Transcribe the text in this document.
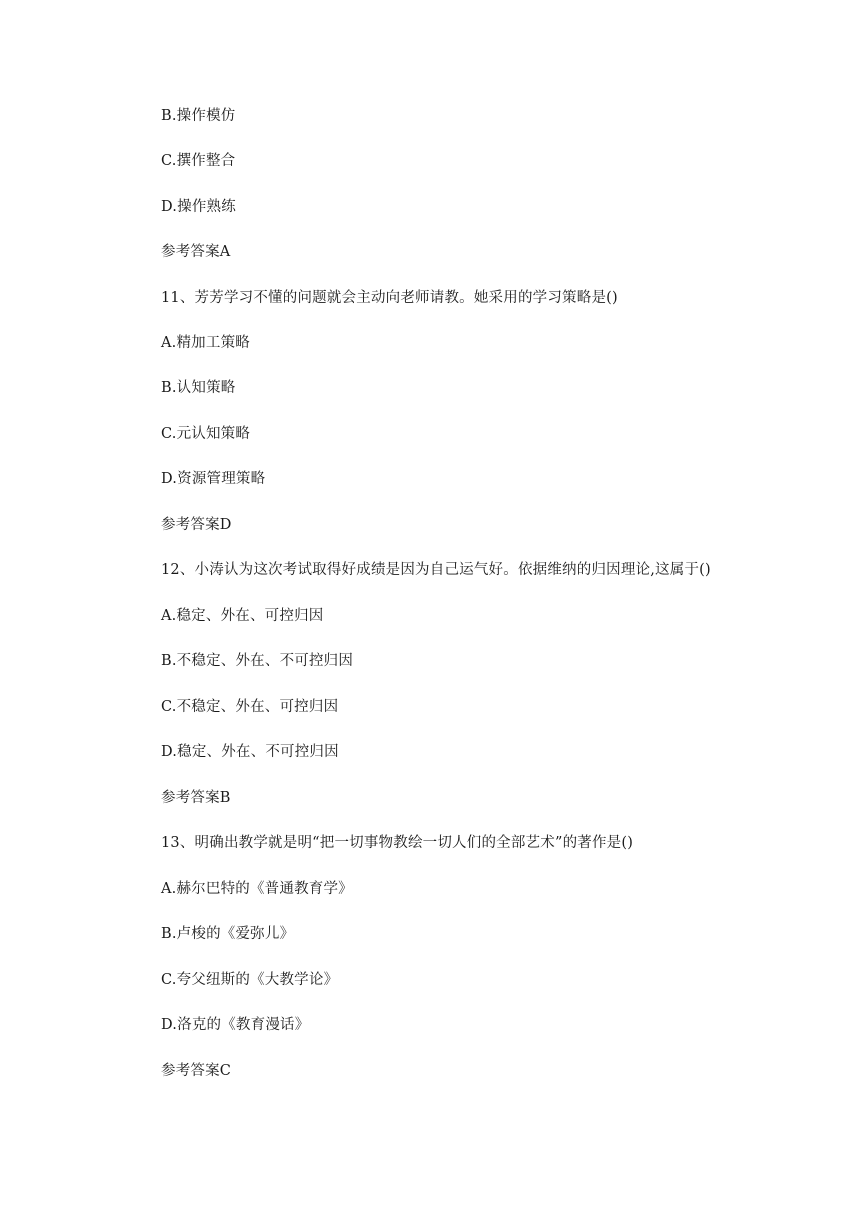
B.操作模仿
C.撰作整合
D.操作熟练
参考答案A
11、芳芳学习不懂的问题就会主动向老师请教。她采用的学习策略是()
A.精加工策略
B.认知策略
C.元认知策略
D.资源管理策略
参考答案D
12、小涛认为这次考试取得好成绩是因为自己运气好。依据维纳的归因理论,这属于()
A.稳定、外在、可控归因
B.不稳定、外在、不可控归因
C.不稳定、外在、可控归因
D.稳定、外在、不可控归因
参考答案B
13、明确出教学就是明“把一切事物教绘一切人们的全部艺术”的著作是()
A.赫尔巴特的《普通教育学》
B.卢梭的《爱弥儿》
C.夸父纽斯的《大教学论》
D.洛克的《教育漫话》
参考答案C
